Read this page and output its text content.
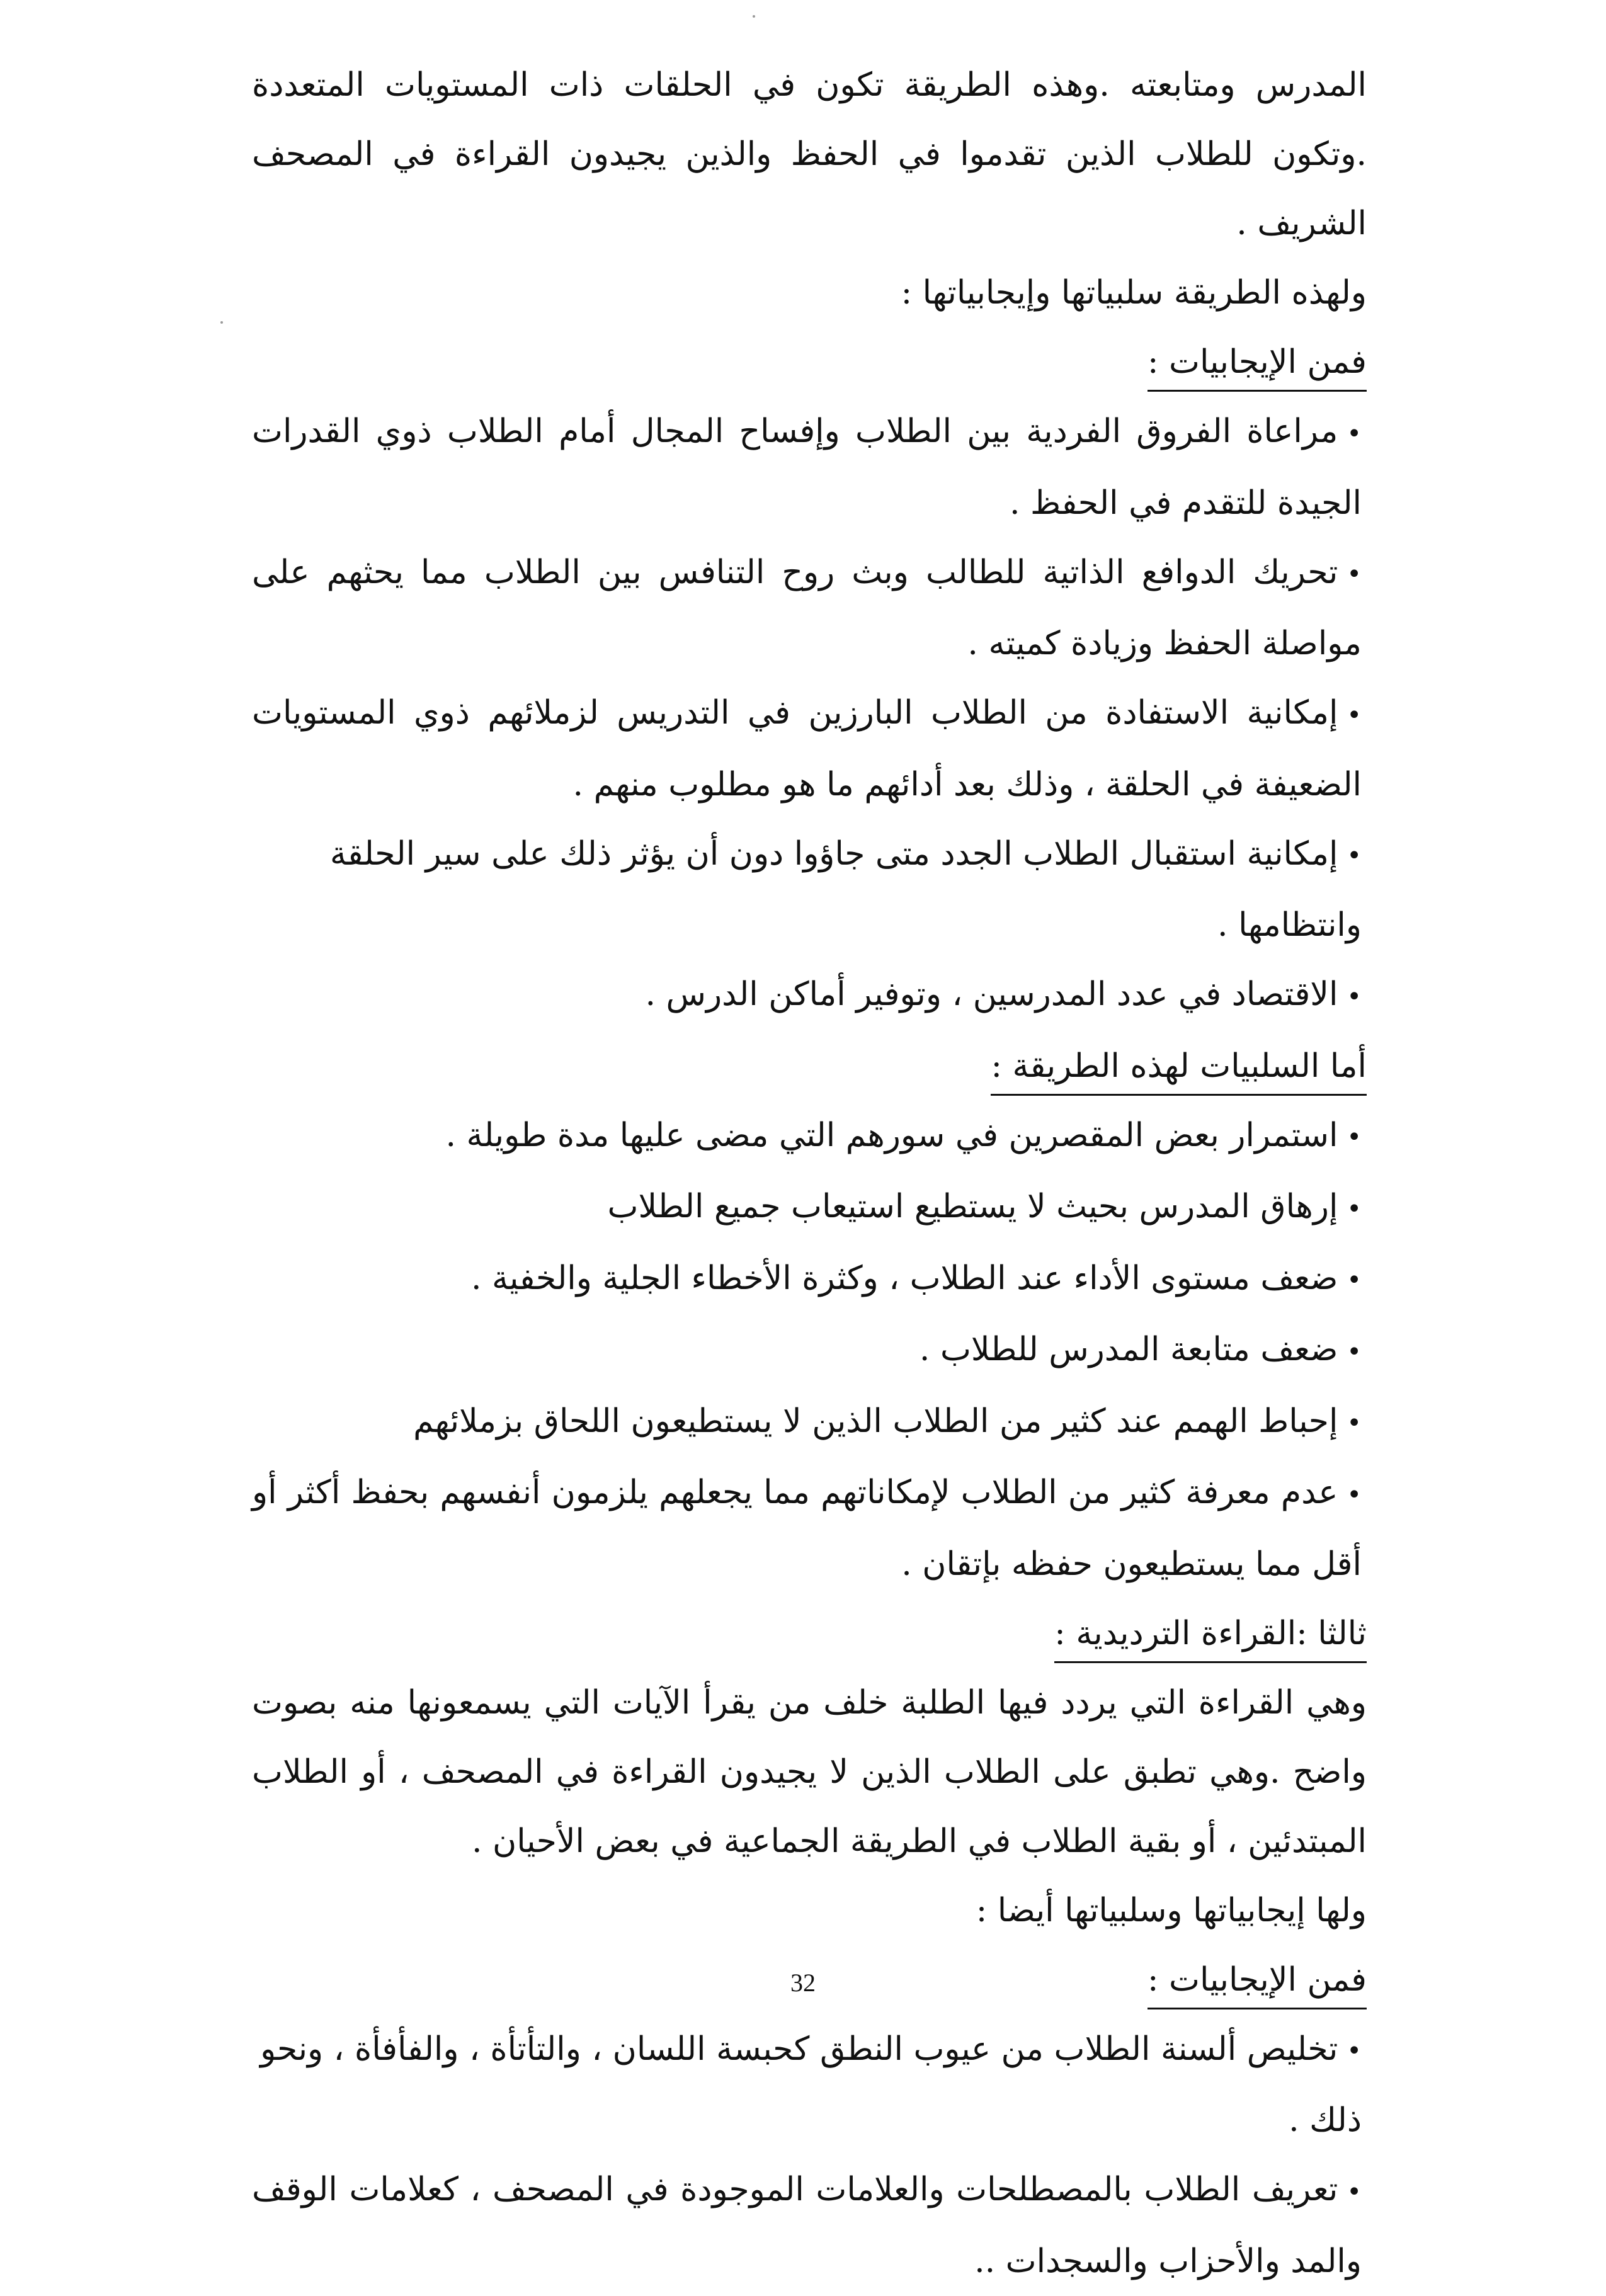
المدرس ومتابعته .وهذه الطريقة تكون في الحلقات ذات المستويات المتعددة .وتكون للطلاب الذين تقدموا في الحفظ والذين يجيدون القراءة في المصحف الشريف .

ولهذه الطريقة سلبياتها وإيجابياتها :

فمن الإيجابيات :

•مراعاة الفروق الفردية بين الطلاب وإفساح المجال أمام الطلاب ذوي القدرات الجيدة للتقدم في الحفظ .

•تحريك الدوافع الذاتية للطالب وبث روح التنافس بين الطلاب مما يحثهم على مواصلة الحفظ وزيادة كميته .

•إمكانية الاستفادة من الطلاب البارزين في التدريس لزملائهم ذوي المستويات الضعيفة في الحلقة ، وذلك بعد أدائهم ما هو مطلوب منهم .

•إمكانية استقبال الطلاب الجدد متى جاؤوا دون أن يؤثر ذلك على سير الحلقة وانتظامها .

•الاقتصاد في عدد المدرسين ، وتوفير أماكن الدرس .

أما السلبيات لهذه الطريقة :

•استمرار بعض المقصرين في سورهم التي مضى عليها مدة طويلة .

•إرهاق المدرس بحيث لا يستطيع استيعاب جميع الطلاب

•ضعف مستوى الأداء عند الطلاب ، وكثرة الأخطاء الجلية والخفية .

•ضعف متابعة المدرس للطلاب .

•إحباط الهمم عند كثير من الطلاب الذين لا يستطيعون اللحاق بزملائهم

•عدم معرفة كثير من الطلاب لإمكاناتهم مما يجعلهم يلزمون أنفسهم بحفظ أكثر أو أقل مما يستطيعون حفظه بإتقان .

ثالثا :القراءة الترديدية :

وهي القراءة التي يردد فيها الطلبة خلف من يقرأ الآيات التي يسمعونها منه بصوت واضح .وهي تطبق على الطلاب الذين لا يجيدون القراءة في المصحف ، أو الطلاب المبتدئين ، أو بقية الطلاب في الطريقة الجماعية في بعض الأحيان .

ولها إيجابياتها وسلبياتها أيضا :

فمن الإيجابيات :

•تخليص ألسنة الطلاب من عيوب النطق كحبسة اللسان ، والتأتأة ، والفأفأة ، ونحو ذلك .

•تعريف الطلاب بالمصطلحات والعلامات الموجودة في المصحف ، كعلامات الوقف والمد والأحزاب والسجدات ..

32
